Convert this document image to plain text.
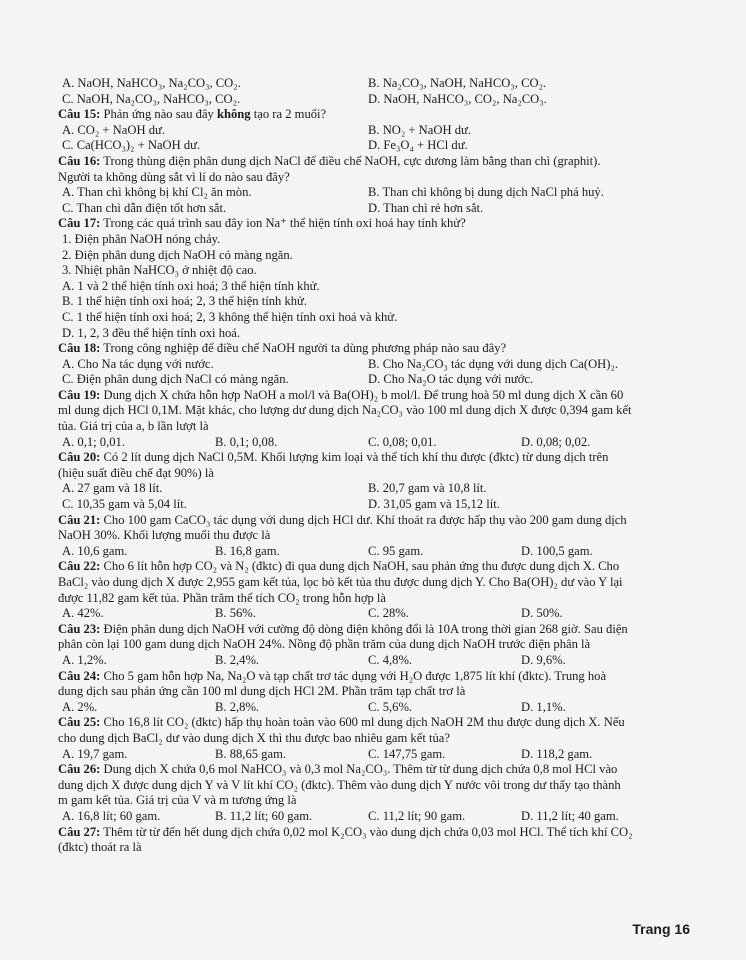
A. NaOH, NaHCO₃, Na₂CO₃, CO₂.	B. Na₂CO₃, NaOH, NaHCO₃, CO₂.
C. NaOH, Na₂CO₃, NaHCO₃, CO₂.	D. NaOH, NaHCO₃, CO₂, Na₂CO₃.
Câu 15: Phản ứng nào sau đây không tạo ra 2 muối?
A. CO₂ + NaOH dư.	B. NO₂ + NaOH dư.
C. Ca(HCO₃)₂ + NaOH dư.	D. Fe₃O₄ + HCl dư.
Câu 16: Trong thùng điện phân dung dịch NaCl để điều chế NaOH, cực dương làm bằng than chì (graphit).
Người ta không dùng sắt vì lí do nào sau đây?
A. Than chì không bị khí Cl₂ ăn mòn.	B. Than chì không bị dung dịch NaCl phá huỷ.
C. Than chì dẫn điện tốt hơn sắt.	D. Than chì rẻ hơn sắt.
Câu 17: Trong các quá trình sau đây ion Na⁺ thể hiện tính oxi hoá hay tính khử?
1. Điện phân NaOH nóng chảy.
2. Điện phân dung dịch NaOH có màng ngăn.
3. Nhiệt phân NaHCO₃ ở nhiệt độ cao.
A. 1 và 2 thể hiện tính oxi hoá; 3 thể hiện tính khử.
B. 1 thể hiện tính oxi hoá; 2, 3 thể hiện tính khử.
C. 1 thể hiện tính oxi hoá; 2, 3 không thể hiện tính oxi hoá và khử.
D. 1, 2, 3 đều thể hiện tính oxi hoá.
Câu 18: Trong công nghiệp để điều chế NaOH người ta dùng phương pháp nào sau đây?
A. Cho Na tác dụng với nước.	B. Cho Na₂CO₃ tác dụng với dung dịch Ca(OH)₂.
C. Điện phân dung dịch NaCl có màng ngăn.	D. Cho Na₂O tác dụng với nước.
Câu 19: Dung dịch X chứa hỗn hợp NaOH a mol/l và Ba(OH)₂ b mol/l. Để trung hoà 50 ml dung dịch X cần 60
ml dung dịch HCl 0,1M. Mặt khác, cho lượng dư dung dịch Na₂CO₃ vào 100 ml dung dịch X được 0,394 gam kết
tủa. Giá trị của a, b lần lượt là
A. 0,1; 0,01.	B. 0,1; 0,08.	C. 0,08; 0,01.	D. 0,08; 0,02.
Câu 20: Có 2 lít dung dịch NaCl 0,5M. Khối lượng kim loại và thể tích khí thu được (đktc) từ dung dịch trên
(hiệu suất điều chế đạt 90%) là
A. 27 gam và 18 lít.	B. 20,7 gam và 10,8 lít.
C. 10,35 gam và 5,04 lít.	D. 31,05 gam và 15,12 lít.
Câu 21: Cho 100 gam CaCO₃ tác dụng với dung dịch HCl dư. Khí thoát ra được hấp thụ vào 200 gam dung dịch
NaOH 30%. Khối lượng muối thu được là
A. 10,6 gam.	B. 16,8 gam.	C. 95 gam.	D. 100,5 gam.
Câu 22: Cho 6 lít hỗn hợp CO₂ và N₂ (đktc) đi qua dung dịch NaOH, sau phản ứng thu được dung dịch X. Cho
BaCl₂ vào dung dịch X được 2,955 gam kết tủa, lọc bỏ kết tủa thu được dung dịch Y. Cho Ba(OH)₂ dư vào Y lại
được 11,82 gam kết tủa. Phần trăm thể tích CO₂ trong hỗn hợp là
A. 42%.	B. 56%.	C. 28%.	D. 50%.
Câu 23: Điện phân dung dịch NaOH với cường độ dòng điện không đổi là 10A trong thời gian 268 giờ. Sau điện
phân còn lại 100 gam dung dịch NaOH 24%. Nồng độ phần trăm của dung dịch NaOH trước điện phân là
A. 1,2%.	B. 2,4%.	C. 4,8%.	D. 9,6%.
Câu 24: Cho 5 gam hỗn hợp Na, Na₂O và tạp chất trơ tác dụng với H₂O được 1,875 lít khí (đktc). Trung hoà
dung dịch sau phản ứng cần 100 ml dung dịch HCl 2M. Phần trăm tạp chất trơ là
A. 2%.	B. 2,8%.	C. 5,6%.	D. 1,1%.
Câu 25: Cho 16,8 lít CO₂ (đktc) hấp thụ hoàn toàn vào 600 ml dung dịch NaOH 2M thu được dung dịch X. Nếu
cho dung dịch BaCl₂ dư vào dung dịch X thì thu được bao nhiêu gam kết tủa?
A. 19,7 gam.	B. 88,65 gam.	C. 147,75 gam.	D. 118,2 gam.
Câu 26: Dung dịch X chứa 0,6 mol NaHCO₃ và 0,3 mol Na₂CO₃. Thêm từ từ dung dịch chứa 0,8 mol HCl vào
dung dịch X được dung dịch Y và V lít khí CO₂ (đktc). Thêm vào dung dịch Y nước vôi trong dư thấy tạo thành
m gam kết tủa. Giá trị của V và m tương ứng là
A. 16,8 lít; 60 gam.	B. 11,2 lít; 60 gam.	C. 11,2 lít; 90 gam.	D. 11,2 lít; 40 gam.
Câu 27: Thêm từ từ đến hết dung dịch chứa 0,02 mol K₂CO₃ vào dung dịch chứa 0,03 mol HCl. Thể tích khí CO₂
(đktc) thoát ra là
Trang 16
